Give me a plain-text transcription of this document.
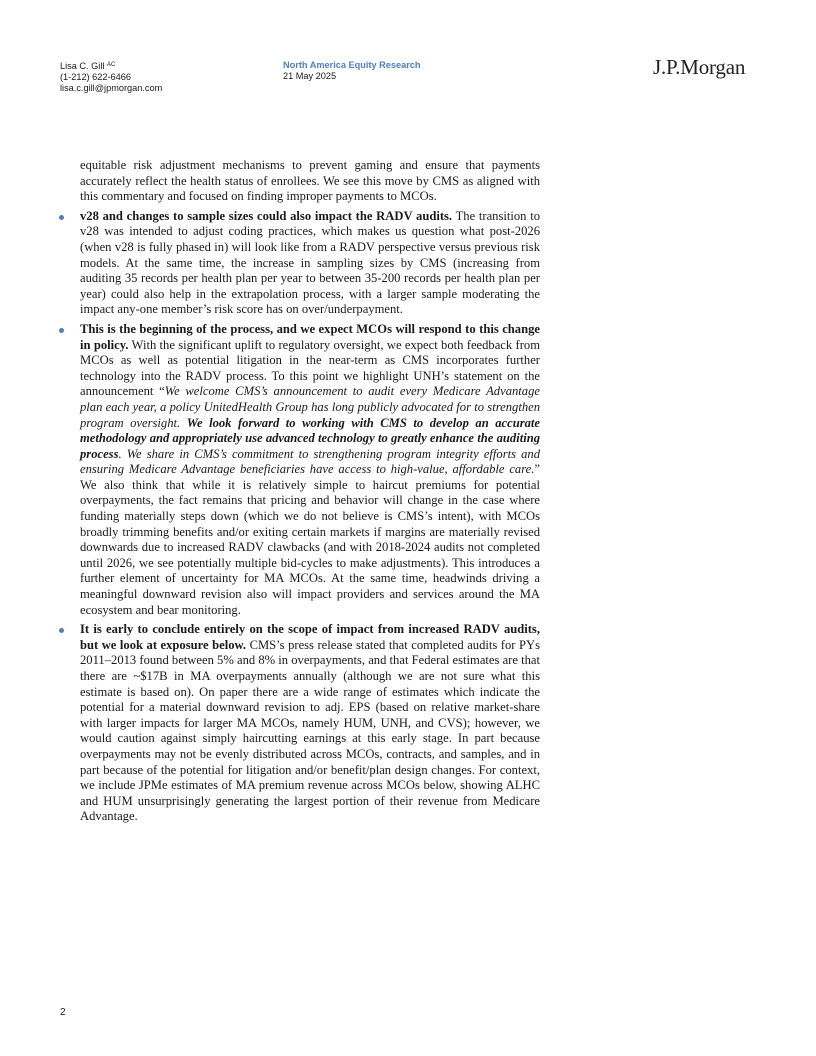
Lisa C. Gill $^{AC}$
(1-212) 622-6466
lisa.c.gill@jpmorgan.com
North America Equity Research
21 May 2025	J.P.Morgan

equitable risk adjustment mechanisms to prevent gaming and ensure that payments accurately reflect the health status of enrollees. We see this move by CMS as aligned with this commentary and focused on finding improper payments to MCOs.

v28 and changes to sample sizes could also impact the RADV audits. The transition to v28 was intended to adjust coding practices, which makes us question what post-2026 (when v28 is fully phased in) will look like from a RADV perspective versus previous risk models. At the same time, the increase in sampling sizes by CMS (increasing from auditing 35 records per health plan per year to between 35-200 records per health plan per year) could also help in the extrapolation process, with a larger sample moderating the impact any-one member’s risk score has on over/underpayment.

This is the beginning of the process, and we expect MCOs will respond to this change in policy. With the significant uplift to regulatory oversight, we expect both feedback from MCOs as well as potential litigation in the near-term as CMS incorporates further technology into the RADV process. To this point we highlight UNH’s statement on the announcement “We welcome CMS’s announcement to audit every Medicare Advantage plan each year, a policy UnitedHealth Group has long publicly advocated for to strengthen program oversight. We look forward to working with CMS to develop an accurate methodology and appropriately use advanced technology to greatly enhance the auditing process. We share in CMS’s commitment to strengthening program integrity efforts and ensuring Medicare Advantage beneficiaries have access to high-value, affordable care.” We also think that while it is relatively simple to haircut premiums for potential overpayments, the fact remains that pricing and behavior will change in the case where funding materially steps down (which we do not believe is CMS’s intent), with MCOs broadly trimming benefits and/or exiting certain markets if margins are materially revised downwards due to increased RADV clawbacks (and with 2018-2024 audits not completed until 2026, we see potentially multiple bid-cycles to make adjustments). This introduces a further element of uncertainty for MA MCOs. At the same time, headwinds driving a meaningful downward revision also will impact providers and services around the MA ecosystem and bear monitoring.

It is early to conclude entirely on the scope of impact from increased RADV audits, but we look at exposure below. CMS’s press release stated that completed audits for PYs 2011–2013 found between 5% and 8% in overpayments, and that Federal estimates are that there are ~$17B in MA overpayments annually (although we are not sure what this estimate is based on). On paper there are a wide range of estimates which indicate the potential for a material downward revision to adj. EPS (based on relative market-share with larger impacts for larger MA MCOs, namely HUM, UNH, and CVS); however, we would caution against simply haircutting earnings at this early stage. In part because overpayments may not be evenly distributed across MCOs, contracts, and samples, and in part because of the potential for litigation and/or benefit/plan design changes. For context, we include JPMe estimates of MA premium revenue across MCOs below, showing ALHC and HUM unsurprisingly generating the largest portion of their revenue from Medicare Advantage.

2
